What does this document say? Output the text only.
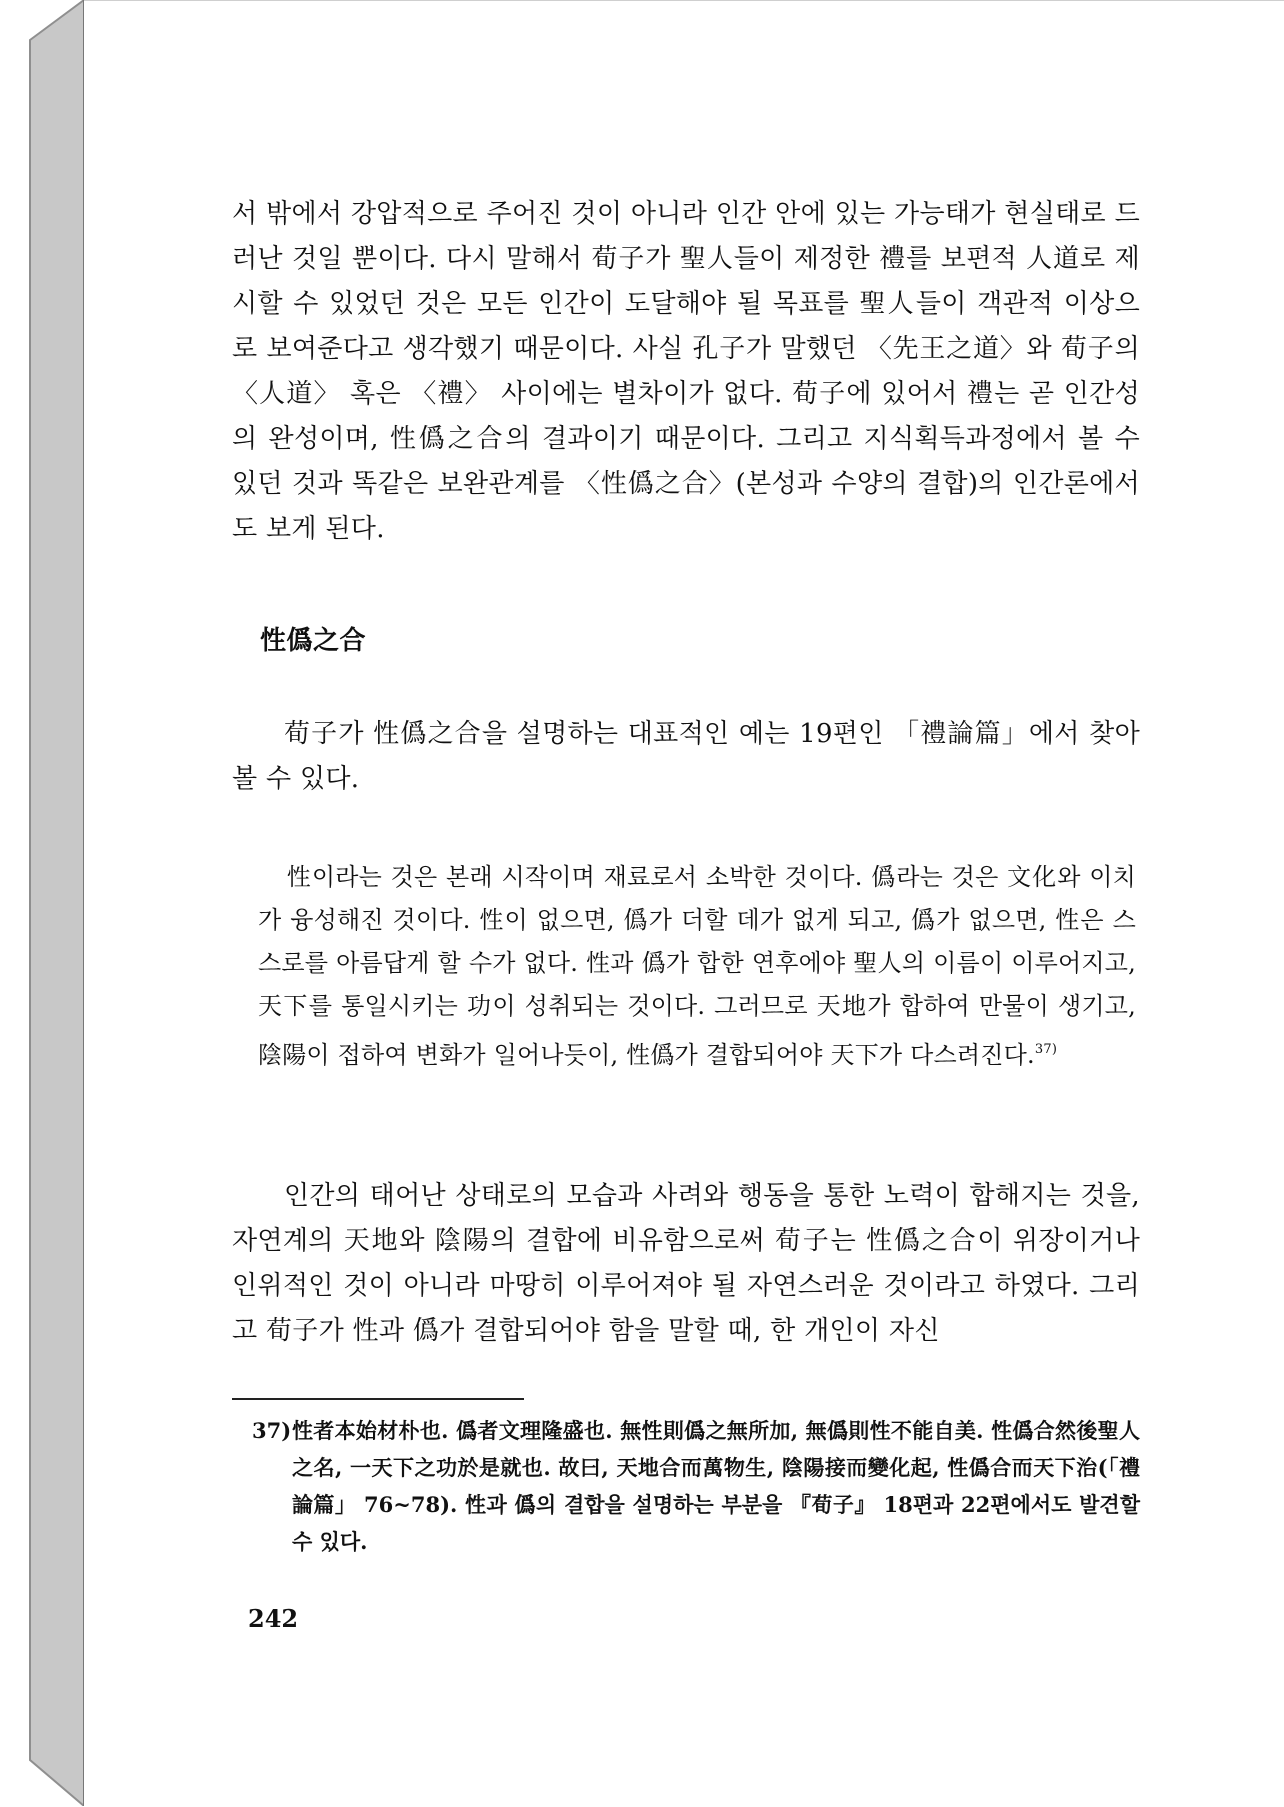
서 밖에서 강압적으로 주어진 것이 아니라 인간 안에 있는 가능태가 현실태로 드러난 것일 뿐이다. 다시 말해서 荀子가 聖人들이 제정한 禮를 보편적 人道로 제시할 수 있었던 것은 모든 인간이 도달해야 될 목표를 聖人들이 객관적 이상으로 보여준다고 생각했기 때문이다. 사실 孔子가 말했던 〈先王之道〉와 荀子의 〈人道〉 혹은 〈禮〉 사이에는 별차이가 없다. 荀子에 있어서 禮는 곧 인간성의 완성이며, 性僞之合의 결과이기 때문이다. 그리고 지식획득과정에서 볼 수 있던 것과 똑같은 보완관계를 〈性僞之合〉(본성과 수양의 결합)의 인간론에서도 보게 된다.

性僞之合

荀子가 性僞之合을 설명하는 대표적인 예는 19편인 「禮論篇」에서 찾아볼 수 있다.

性이라는 것은 본래 시작이며 재료로서 소박한 것이다. 僞라는 것은 文化와 이치가 융성해진 것이다. 性이 없으면, 僞가 더할 데가 없게 되고, 僞가 없으면, 性은 스스로를 아름답게 할 수가 없다. 性과 僞가 합한 연후에야 聖人의 이름이 이루어지고, 天下를 통일시키는 功이 성취되는 것이다. 그러므로 天地가 합하여 만물이 생기고, 陰陽이 접하여 변화가 일어나듯이, 性僞가 결합되어야 天下가 다스려진다.$^{37)}$

인간의 태어난 상태로의 모습과 사려와 행동을 통한 노력이 합해지는 것을, 자연계의 天地와 陰陽의 결합에 비유함으로써 荀子는 性僞之合이 위장이거나 인위적인 것이 아니라 마땅히 이루어져야 될 자연스러운 것이라고 하였다. 그리고 荀子가 性과 僞가 결합되어야 함을 말할 때, 한 개인이 자신

37) 性者本始材朴也. 僞者文理隆盛也. 無性則僞之無所加, 無僞則性不能自美. 性僞合然後聖人之名, 一天下之功於是就也. 故曰, 天地合而萬物生, 陰陽接而變化起, 性僞合而天下治(「禮論篇」 76~78). 性과 僞의 결합을 설명하는 부분을 『荀子』 18편과 22편에서도 발견할 수 있다.
242
